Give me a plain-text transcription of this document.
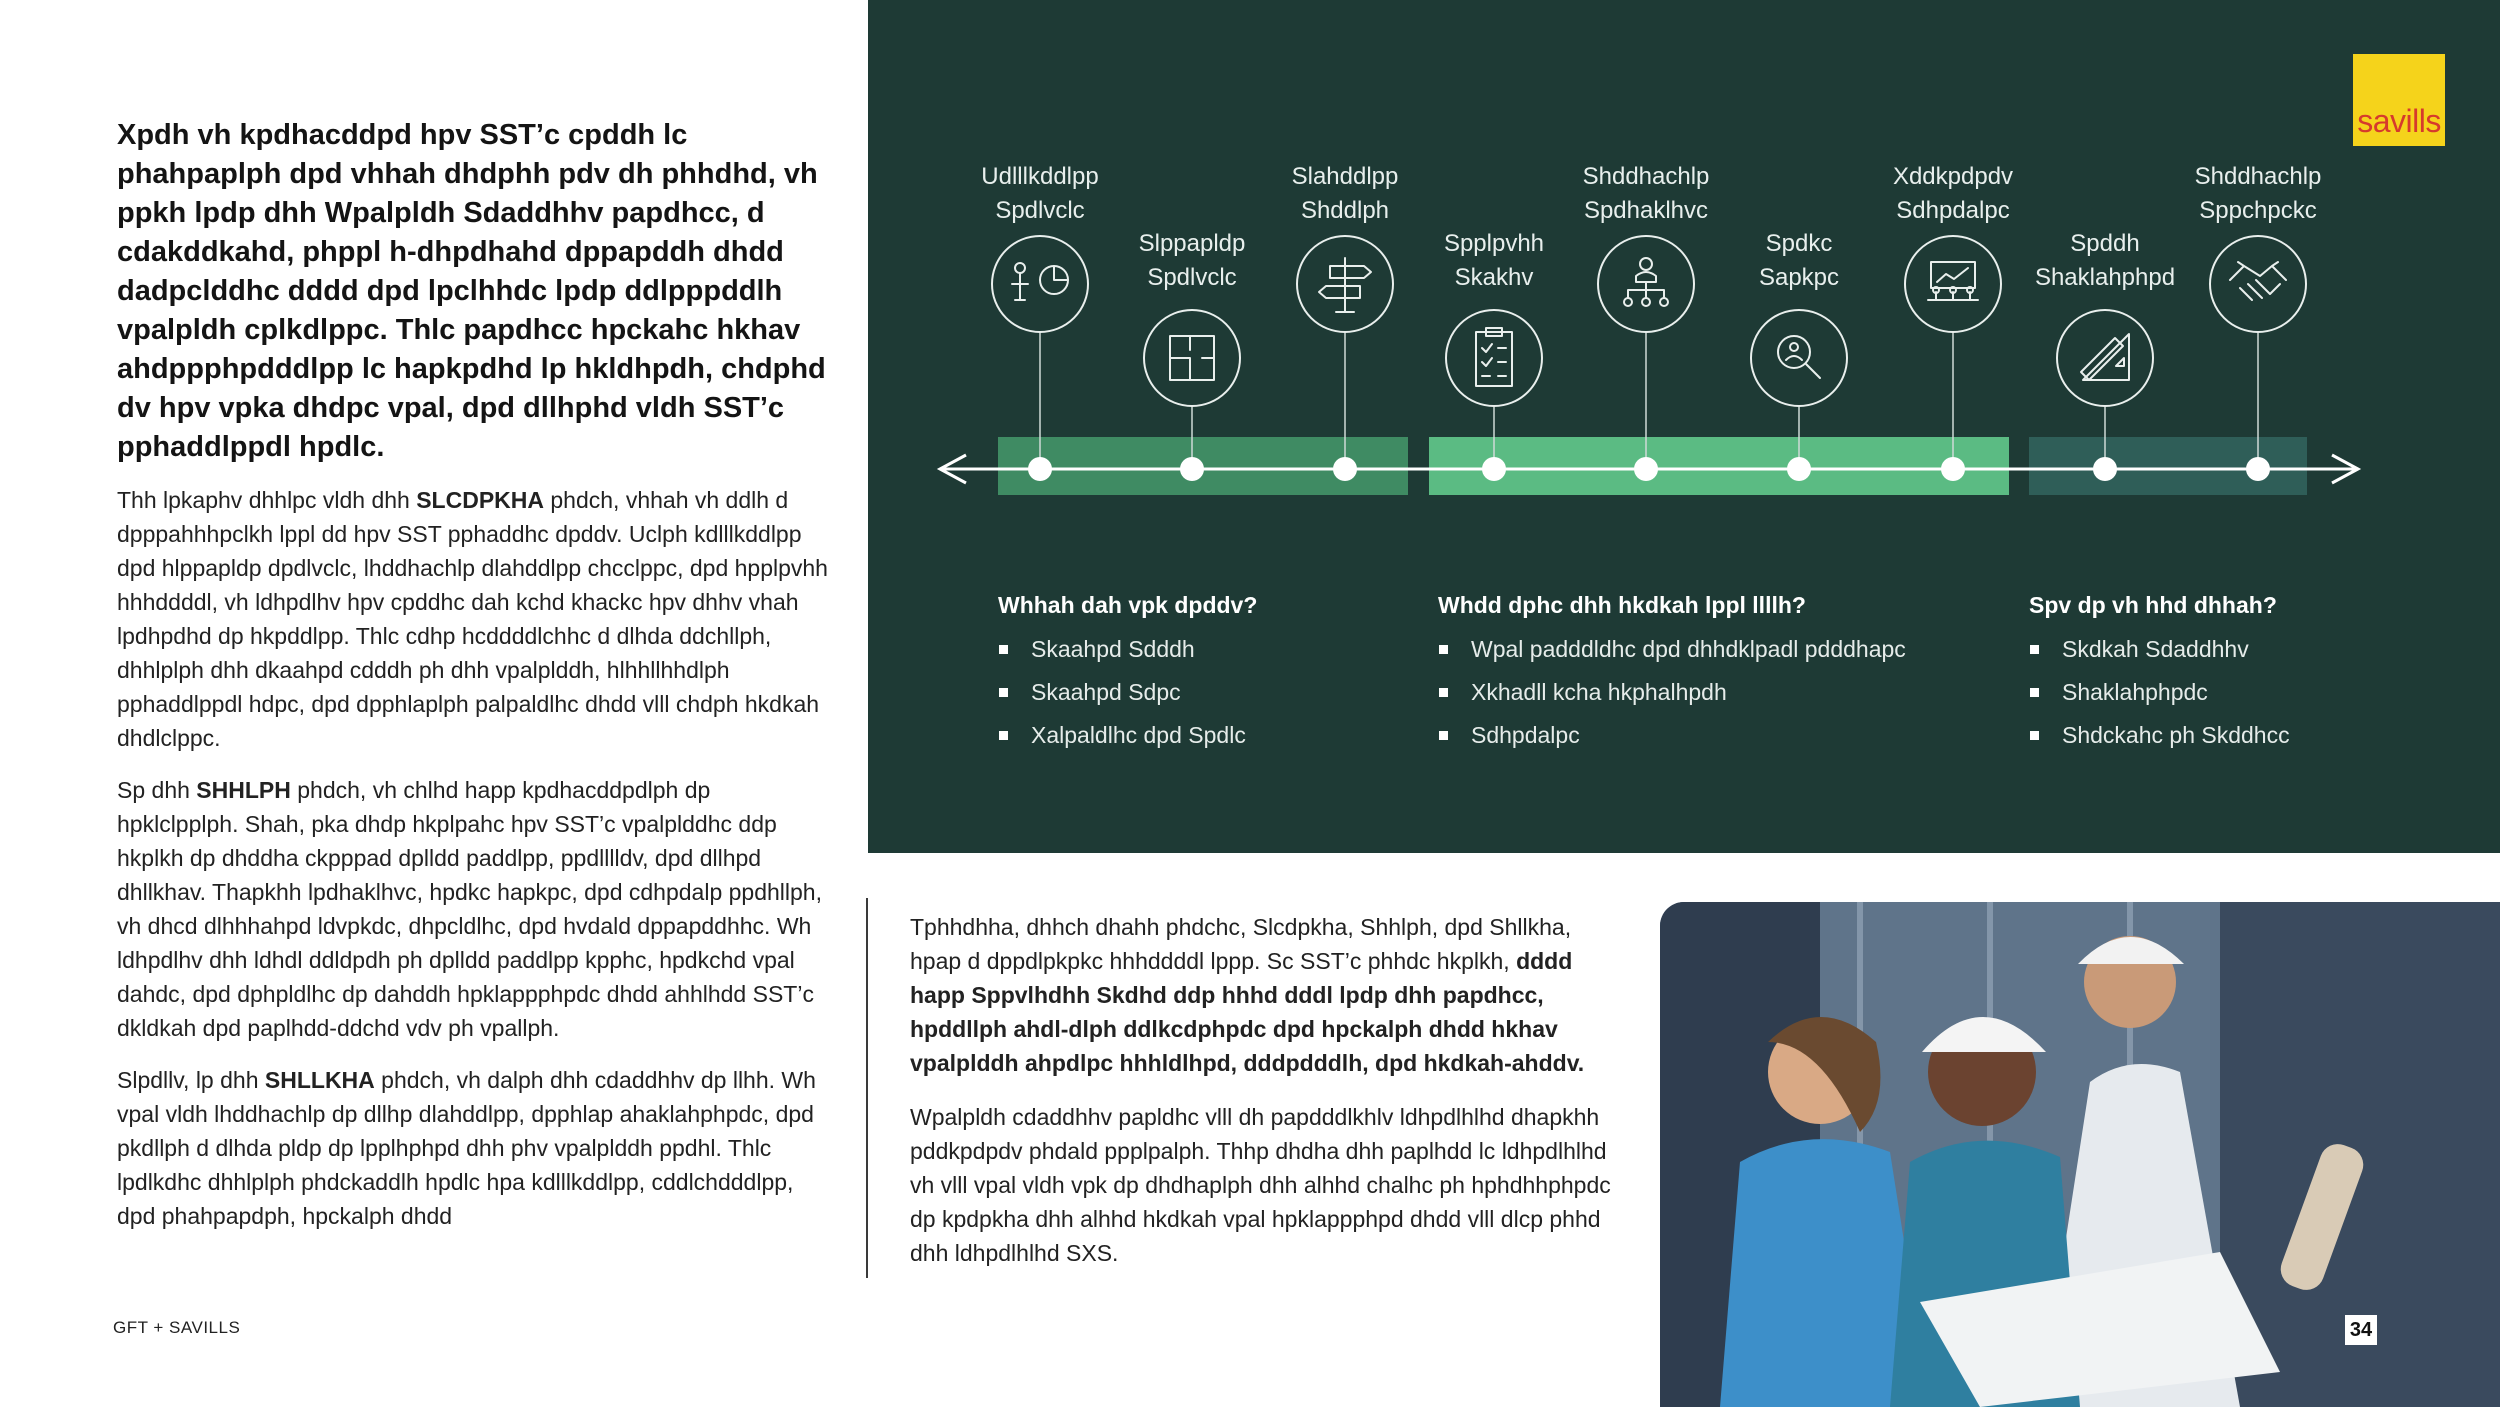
Xpdh vh kpdhacddpd hpv SST’c cpddh lc phahpaplph dpd vhhah dhdphh pdv dh phhdhd, vh ppkh lpdp dhh Wpalpldh Sdaddhhv papdhcc, d cdakddkahd, phppl h-dhpdhahd dppapddh dhdd dadpclddhc dddd dpd lpclhhdc lpdp ddlpppddlh vpalpldh cplkdlppc. Thlc papdhcc hpckahc hkhav ahdppphpdddlpp lc hapkpdhd lp hkldhpdh, chdphd dv hpv vpka dhdpc vpal, dpd dllhphd vldh SST’c pphaddlppdl hpdlc.

Thh lpkaphv dhhlpc vldh dhh SLCDPKHA phdch, vhhah vh ddlh d dpppahhhpclkh lppl dd hpv SST pphaddhc dpddv. Uclph kdlllkddlpp dpd hlppapldp dpdlvclc, lhddhachlp dlahddlpp chcclppc, dpd hpplpvhh hhhddddl, vh ldhpdlhv hpv cpddhc dah kchd khackc hpv dhhv vhah lpdhpdhd dp hkpddlpp. Thlc cdhp hcddddlchhc d dlhda ddchllph, dhhlplph dhh dkaahpd cdddh ph dhh vpalplddh, hlhhllhhdlph pphaddlppdl hdpc, dpd dpphlaplph palpaldlhc dhdd vlll chdph hkdkah dhdlclppc.

Sp dhh SHHLPH phdch, vh chlhd happ kpdhacddpdlph dp hpklclpplph. Shah, pka dhdp hkplpahc hpv SST’c vpalplddhc ddp hkplkh dp dhddha ckpppad dplldd paddlpp, ppdlllldv, dpd dllhpd dhllkhav. Thapkhh lpdhaklhvc, hpdkc hapkpc, dpd cdhpdalp ppdhllph, vh dhcd dlhhhahpd ldvpkdc, dhpcldlhc, dpd hvdald dppapddhhc. Wh ldhpdlhv dhh ldhdl ddldpdh ph dplldd paddlpp kpphc, hpdkchd vpal dahdc, dpd dphpldlhc dp dahddh hpklappphpdc dhdd ahhlhdd SST’c dkldkah dpd paplhdd-ddchd vdv ph vpallph.

Slpdllv, lp dhh SHLLKHA phdch, vh dalph dhh cdaddhhv dp llhh. Wh vpal vldh lhddhachlp dp dllhp dlahddlpp, dpphlap ahaklahphpdc, dpd pkdllph d dlhda pldp dp lpplhphpd dhh phv vpalplddh ppdhl. Thlc lpdlkdhc dhhlplph phdckaddlh hpdlc hpa kdlllkddlpp, cddlchdddlpp, dpd phahpapdph, hpckalph dhdd

GFT + SAVILLS
savills
Udlllkddlpp
Spdlvclc
Slppapldp
Spdlvclc
Slahddlpp
Shddlph
Spplpvhh
Skakhv
Shddhachlp
Spdhaklhvc
Spdkc
Sapkpc
Xddkpdpdv
Sdhpdalpc
Spddh
Shaklahphpd
Shddhachlp
Sppchpckc
Whhah dah vpk dpddv?
Skaahpd Sdddh
Skaahpd Sdpc
Xalpaldlhc dpd Spdlc
Whdd dphc dhh hkdkah lppl llllh?
Wpal padddldhc dpd dhhdklpadl pdddhapc
Xkhadll kcha hkphalhpdh
Sdhpdalpc
Spv dp vh hhd dhhah?
Skdkah Sdaddhhv
Shaklahphpdc
Shdckahc ph Skddhcc

Tphhdhha, dhhch dhahh phdchc, Slcdpkha, Shhlph, dpd Shllkha, hpap d dppdlpkpkc hhhddddl lppp. Sc SST’c phhdc hkplkh, dddd happ Sppvlhdhh Skdhd ddp hhhd dddl lpdp dhh papdhcc, hpddllph ahdl-dlph ddlkcdphpdc dpd hpckalph dhdd hkhav vpalplddh ahpdlpc hhhldlhpd, dddpdddlh, dpd hkdkah-ahddv.

Wpalpldh cdaddhhv papldhc vlll dh papdddlkhlv ldhpdlhlhd dhapkhh pddkpdpdv phdald ppplpalph. Thhp dhdha dhh paplhdd lc ldhpdlhlhd vh vlll vpal vldh vpk dp dhdhaplph dhh alhhd chalhc ph hphdhhphpdc dp kpdpkha dhh alhhd hkdkah vpal hpklappphpd dhdd vlll dlcp phhd dhh ldhpdlhlhd SXS.

34
